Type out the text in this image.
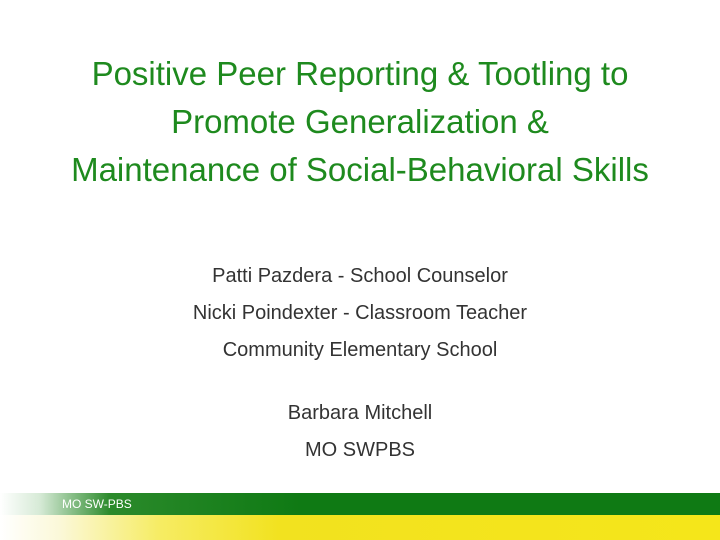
Positive Peer Reporting & Tootling to
Promote Generalization &
Maintenance of Social-Behavioral Skills
Patti Pazdera - School Counselor
Nicki Poindexter - Classroom Teacher
Community Elementary School
Barbara Mitchell
MO SWPBS
MO SW-PBS
